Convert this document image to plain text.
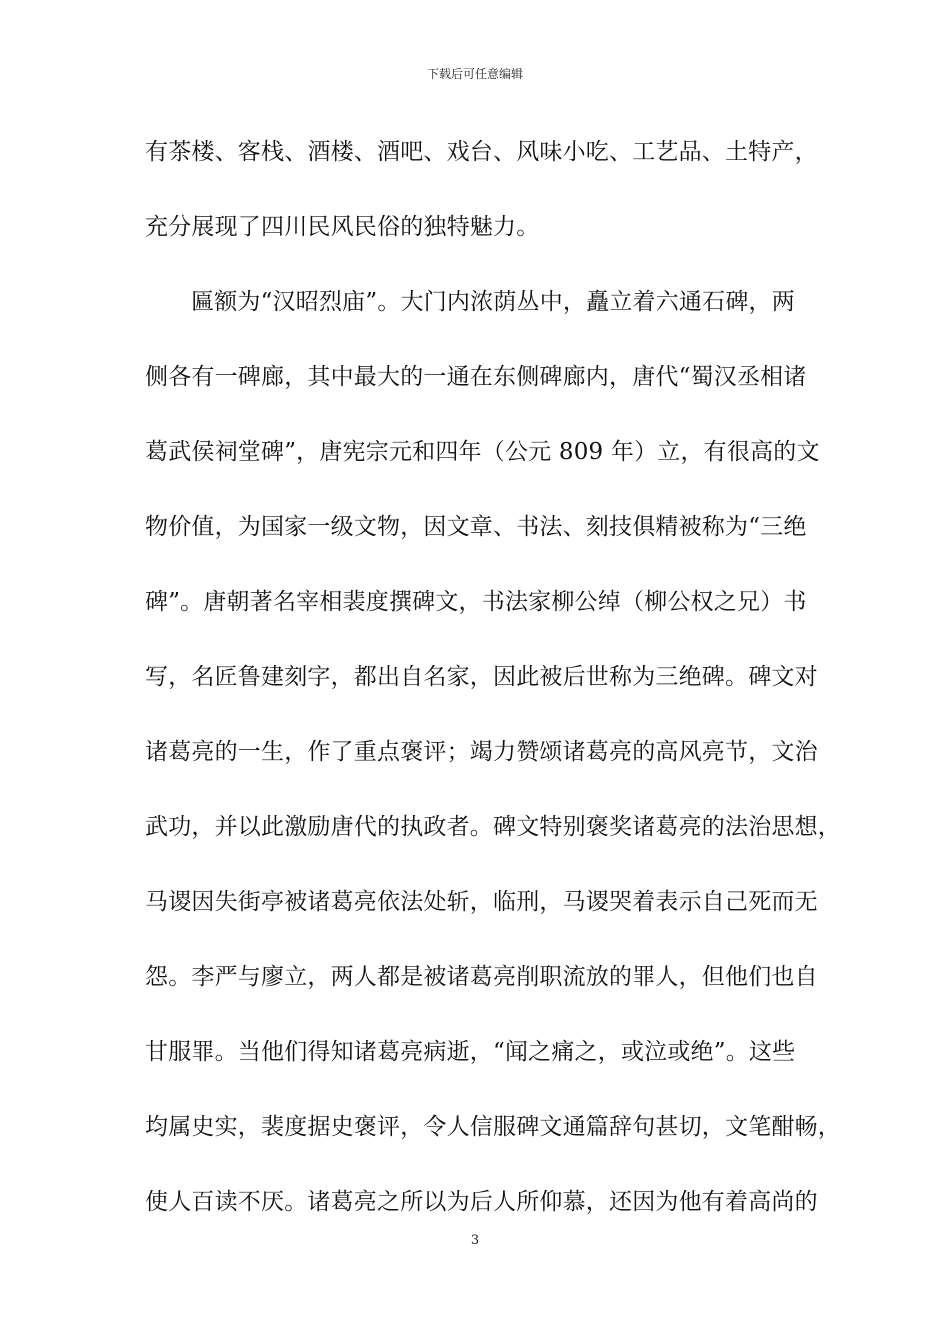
下载后可任意编辑
有茶楼、客栈、酒楼、酒吧、戏台、风味小吃、工艺品、土特产，
充分展现了四川民风民俗的独特魅力。
匾额为“汉昭烈庙”。大门内浓荫丛中，矗立着六通石碑，两
侧各有一碑廊，其中最大的一通在东侧碑廊内，唐代“蜀汉丞相诸
葛武侯祠堂碑”，唐宪宗元和四年（公元 809 年）立，有很高的文
物价值，为国家一级文物，因文章、书法、刻技俱精被称为“三绝
碑”。唐朝著名宰相裴度撰碑文，书法家柳公绰（柳公权之兄）书
写，名匠鲁建刻字，都出自名家，因此被后世称为三绝碑。碑文对
诸葛亮的一生，作了重点褒评；竭力赞颂诸葛亮的高风亮节，文治
武功，并以此激励唐代的执政者。碑文特别褒奖诸葛亮的法治思想，
马谡因失街亭被诸葛亮依法处斩，临刑，马谡哭着表示自己死而无
怨。李严与廖立，两人都是被诸葛亮削职流放的罪人，但他们也自
甘服罪。当他们得知诸葛亮病逝，“闻之痛之，或泣或绝”。这些
均属史实，裴度据史褒评，令人信服碑文通篇辞句甚切，文笔酣畅，
使人百读不厌。诸葛亮之所以为后人所仰慕，还因为他有着高尚的
3
